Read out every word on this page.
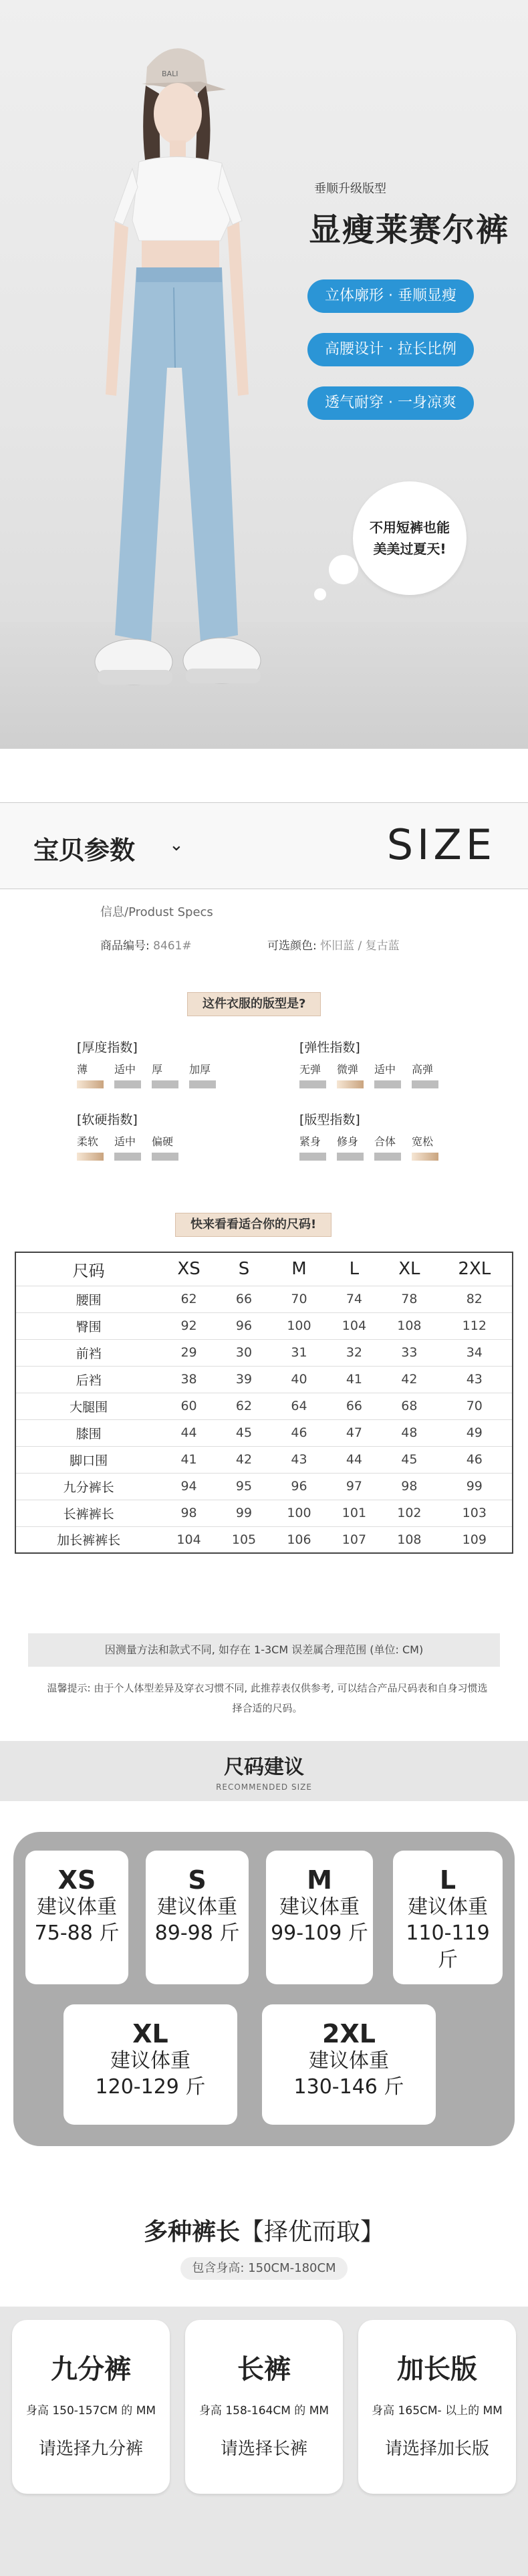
BALI
垂顺升级版型
显瘦莱赛尔裤
立体廓形 · 垂顺显瘦
高腰设计 · 拉长比例
透气耐穿 · 一身凉爽
不用短裤也能
美美过夏天!
宝贝参数 ⌄	SIZE
信息/Produst Specs
商品编号: 8461#	可选颜色: 怀旧蓝 / 复古蓝
这件衣服的版型是?
[厚度指数]
薄	适中	厚	加厚
[弹性指数]
无弹	微弹	适中	高弹
[软硬指数]
柔软	适中	偏硬
[版型指数]
紧身	修身	合体	宽松
快来看看适合你的尺码!
尺码	XS	S	M	L	XL	2XL
腰围	62	66	70	74	78	82
臀围	92	96	100	104	108	112
前裆	29	30	31	32	33	34
后裆	38	39	40	41	42	43
大腿围	60	62	64	66	68	70
膝围	44	45	46	47	48	49
脚口围	41	42	43	44	45	46
九分裤长	94	95	96	97	98	99
长裤裤长	98	99	100	101	102	103
加长裤裤长	104	105	106	107	108	109
因测量方法和款式不同, 如存在 1-3CM 误差属合理范围 (单位: CM)
温馨提示: 由于个人体型差异及穿衣习惯不同, 此推荐表仅供参考, 可以结合产品尺码表和自身习惯选择合适的尺码。
尺码建议
RECOMMENDED SIZE
XS
建议体重
75-88 斤
S
建议体重
89-98 斤
M
建议体重
99-109 斤
L
建议体重
110-119 斤
XL
建议体重
120-129 斤
2XL
建议体重
130-146 斤
多种裤长【择优而取】
包含身高: 150CM-180CM
九分裤
身高 150-157CM 的 MM
请选择九分裤
长裤
身高 158-164CM 的 MM
请选择长裤
加长版
身高 165CM- 以上的 MM
请选择加长版
